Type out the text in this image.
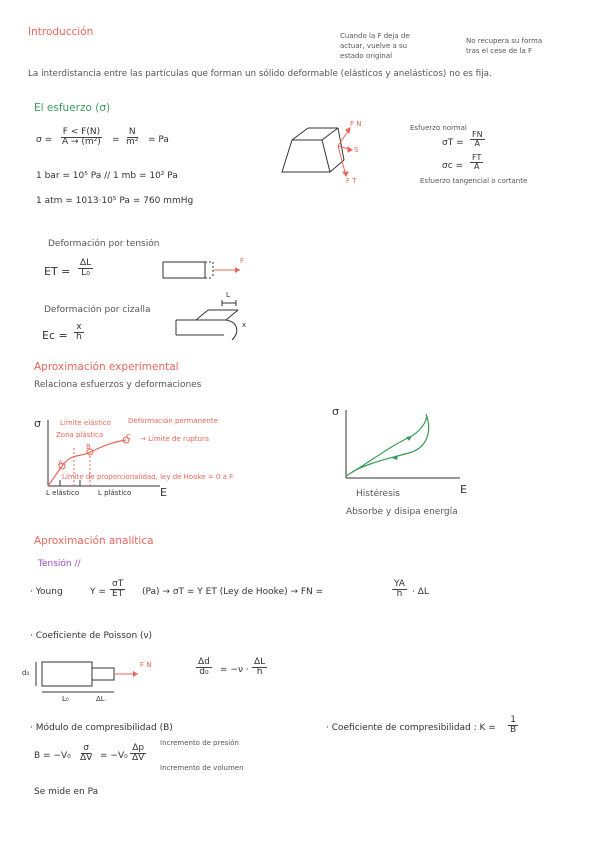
Introducción	Cuando la F deja de
actuar, vuelve a su
estado original
No recupera su forma
tras el cese de la F
La interdistancia entre las partículas que forman un sólido deformable (elásticos y anelásticos) no es fija.
El esfuerzo (σ)
$\sigma = \frac{F < F(N)}{\text{A → (m²)}} = \frac{N}{\text{m²}} = Pa$
1 bar = 10⁵ Pa // 1 mb = 10² Pa
1 atm = 1013·10⁵ Pa = 760 mmHg
F N
S
F T
Esfuerzo normal
$\sigma T = \frac{FN}{A}$
$\sigma c = \frac{FT}{A}$
Esfuerzo tangencial o cortante
Deformación por tensión
ET = $\frac{\Delta L}{\text{L₀}}$	F
Deformación por cizalla
$Ec = \frac{x}{h}$	x
L
Aproximación experimental
Relaciona esfuerzos y deformaciones
σ
E
L elástico	L plástico
Deformación permanente
→ Límite de ruptura
Límite de proporcionalidad, ley de Hooke = 0 a F
Límite elástico
Zona plástica
A
B
C
σ
E
Histéresis
Absorbe y disipa energía
Aproximación analítica
Tensión //
· Young	$Y = \frac{\sigma T}{ET} (Pa) \to \sigma T = Y$ ET (Ley de Hooke) → FN =	$\frac{YA}{h} \cdot \Delta L$
· Coeficiente de Poisson (ν)
d₀
L₀	ΔL
F N	$\frac{\Delta d}{\text{d₀}} = -\nu \cdot \frac{\Delta L}{h}$
· Módulo de compresibilidad (B)
$B = -V_0 \frac{\sigma}{\Delta V} = -V_0 \frac{\Delta p}{\Delta V}$
Incremento de presión
Incremento de volumen
Se mide en Pa
· Coeficiente de compresibilidad : $K = \frac{1}{B}$
